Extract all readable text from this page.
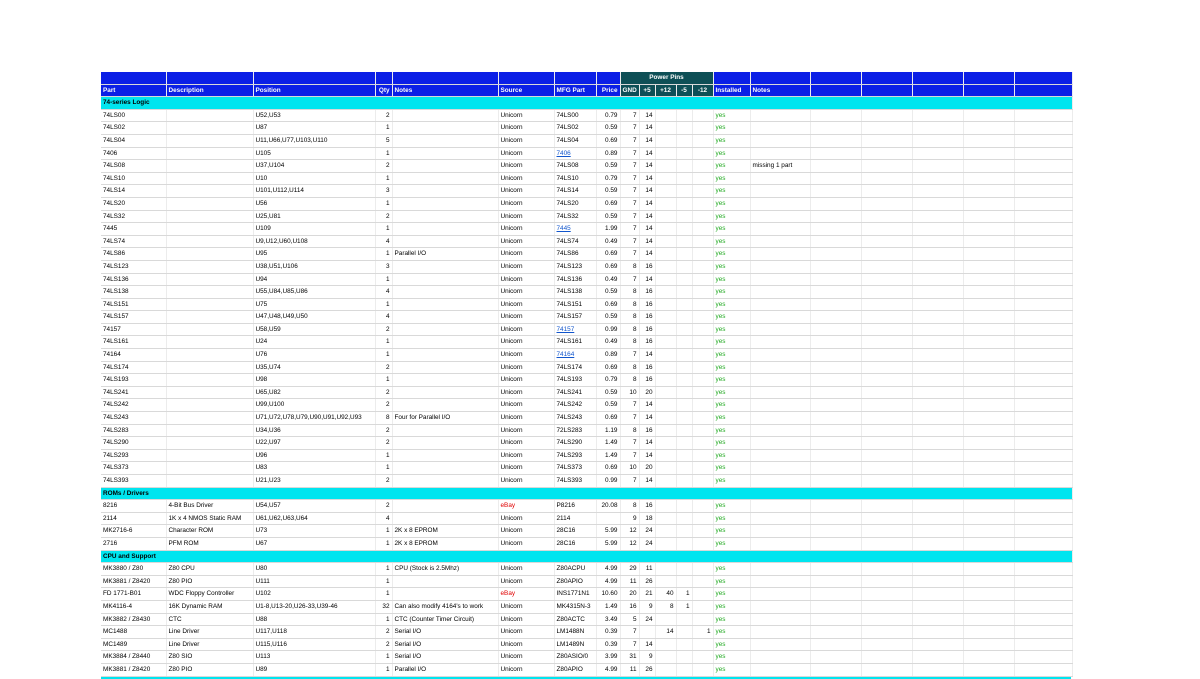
								Power Pins											
Part	Description	Position	Qty	Notes	Source	MFG Part	Price	GND	+5	+12	-5	-12	Installed	Notes					
74-series Logic																			
74LS00		U52,U53	2		Unicorn	74LS00	0.79	7	14				yes						
74LS02		U87	1		Unicorn	74LS02	0.59	7	14				yes						
74LS04		U11,U66,U77,U103,U110	5		Unicorn	74LS04	0.69	7	14				yes						
7406		U105	1		Unicorn	7406	0.89	7	14				yes						
74LS08		U37,U104	2		Unicorn	74LS08	0.59	7	14				yes	missing 1 part					
74LS10		U10	1		Unicorn	74LS10	0.79	7	14				yes						
74LS14		U101,U112,U114	3		Unicorn	74LS14	0.59	7	14				yes						
74LS20		U56	1		Unicorn	74LS20	0.69	7	14				yes						
74LS32		U25,U81	2		Unicorn	74LS32	0.59	7	14				yes						
7445		U109	1		Unicorn	7445	1.99	7	14				yes						
74LS74		U9,U12,U60,U108	4		Unicorn	74LS74	0.49	7	14				yes						
74LS86		U95	1	Parallel I/O	Unicorn	74LS86	0.69	7	14				yes						
74LS123		U38,U51,U106	3		Unicorn	74LS123	0.69	8	16				yes						
74LS136		U94	1		Unicorn	74LS136	0.49	7	14				yes						
74LS138		U55,U84,U85,U86	4		Unicorn	74LS138	0.59	8	16				yes						
74LS151		U75	1		Unicorn	74LS151	0.69	8	16				yes						
74LS157		U47,U48,U49,U50	4		Unicorn	74LS157	0.59	8	16				yes						
74157		U58,U59	2		Unicorn	74157	0.99	8	16				yes						
74LS161		U24	1		Unicorn	74LS161	0.49	8	16				yes						
74164		U76	1		Unicorn	74164	0.89	7	14				yes						
74LS174		U35,U74	2		Unicorn	74LS174	0.69	8	16				yes						
74LS193		U98	1		Unicorn	74LS193	0.79	8	16				yes						
74LS241		U65,U82	2		Unicorn	74LS241	0.59	10	20				yes						
74LS242		U99,U100	2		Unicorn	74LS242	0.59	7	14				yes						
74LS243		U71,U72,U78,U79,U90,U91,U92,U93	8	Four for Parallel I/O	Unicorn	74LS243	0.69	7	14				yes						
74LS283		U34,U36	2		Unicorn	72LS283	1.19	8	16				yes						
74LS290		U22,U97	2		Unicorn	74LS290	1.49	7	14				yes						
74LS293		U96	1		Unicorn	74LS293	1.49	7	14				yes						
74LS373		U83	1		Unicorn	74LS373	0.69	10	20				yes						
74LS393		U21,U23	2		Unicorn	74LS393	0.99	7	14				yes						
ROMs / Drivers																			
8216	4-Bit Bus Driver	U54,U57	2		eBay	P8216	20.08	8	16				yes						
2114	1K x 4 NMOS Static RAM	U61,U62,U63,U64	4		Unicorn	2114		9	18				yes						
MK2716-6	Character ROM	U73	1	2K x 8 EPROM	Unicorn	28C16	5.99	12	24				yes						
2716	PFM ROM	U67	1	2K x 8 EPROM	Unicorn	28C16	5.99	12	24				yes						
CPU and Support																			
MK3880 / Z80	Z80 CPU	U80	1	CPU (Stock is 2.5Mhz)	Unicorn	Z80ACPU	4.99	29	11				yes						
MK3881 / Z8420	Z80 PIO	U111	1		Unicorn	Z80APIO	4.99	11	26				yes						
FD 1771-B01	WDC Floppy Controller	U102	1		eBay	INS1771N1	10.60	20	21	40	1		yes						
MK4116-4	16K Dynamic RAM	U1-8,U13-20,U26-33,U39-46	32	Can also modify 4164's to work	Unicorn	MK4315N-3	1.49	16	9	8	1		yes						
MK3882 / Z8430	CTC	U88	1	CTC (Counter Timer Circuit)	Unicorn	Z80ACTC	3.49	5	24				yes						
MC1488	Line Driver	U117,U118	2	Serial I/O	Unicorn	LM1488N	0.39	7		14		1	yes						
MC1489	Line Driver	U115,U116	2	Serial I/O	Unicorn	LM1489N	0.39	7	14				yes						
MK3884 / Z8440	Z80 SIO	U113	1	Serial I/O	Unicorn	Z80ASIO/0	3.99	31	9				yes						
MK3881 / Z8420	Z80 PIO	U89	1	Parallel I/O	Unicorn	Z80APIO	4.99	11	26				yes						
